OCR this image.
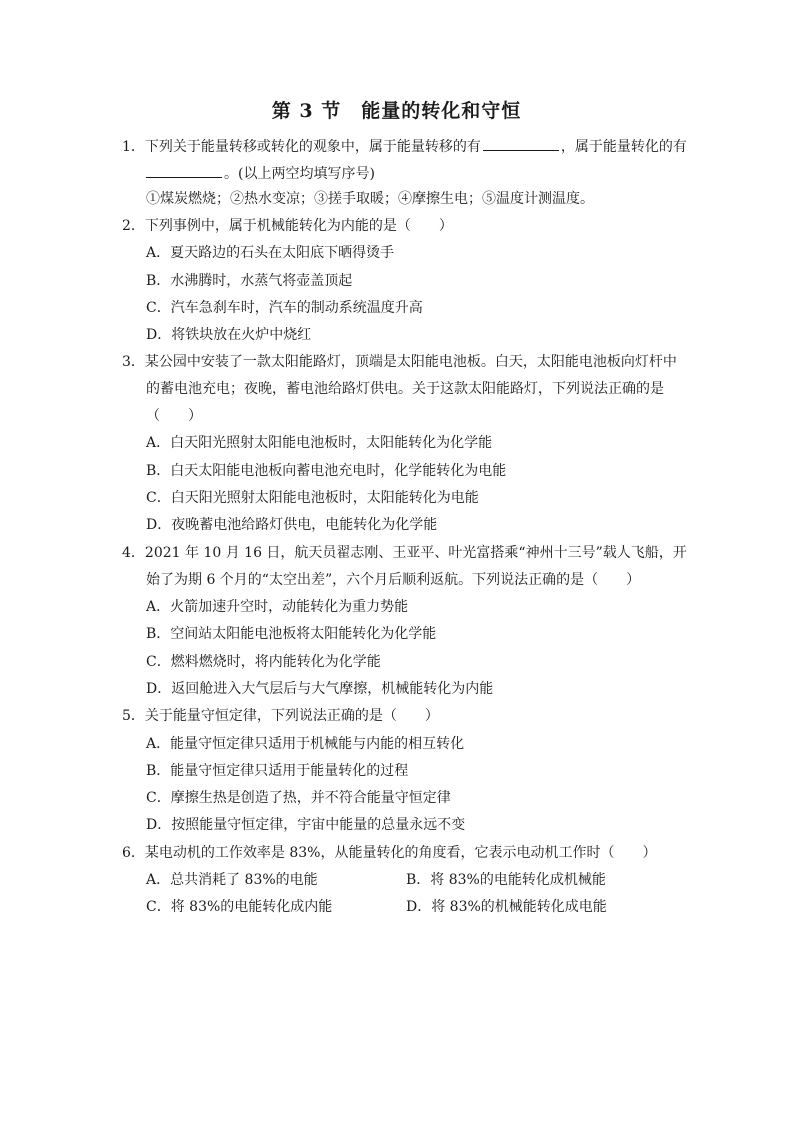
第 3 节　能量的转化和守恒
1．下列关于能量转移或转化的观象中，属于能量转移的有	，属于能量转化的有
。(以上两空均填写序号)
①煤炭燃烧；②热水变凉；③搓手取暖；④摩擦生电；⑤温度计测温度。
2．下列事例中，属于机械能转化为内能的是（　　）
A．夏天路边的石头在太阳底下晒得烫手
B．水沸腾时，水蒸气将壶盖顶起
C．汽车急刹车时，汽车的制动系统温度升高
D．将铁块放在火炉中烧红
3．某公园中安装了一款太阳能路灯，顶端是太阳能电池板。白天，太阳能电池板向灯杆中
的蓄电池充电；夜晚，蓄电池给路灯供电。关于这款太阳能路灯，下列说法正确的是
（　　）
A．白天阳光照射太阳能电池板时，太阳能转化为化学能
B．白天太阳能电池板向蓄电池充电时，化学能转化为电能
C．白天阳光照射太阳能电池板时，太阳能转化为电能
D．夜晚蓄电池给路灯供电，电能转化为化学能
4．2021 年 10 月 16 日，航天员翟志刚、王亚平、叶光富搭乘“神州十三号”载人飞船，开
始了为期 6 个月的“太空出差”，六个月后顺利返航。下列说法正确的是（　　）
A．火箭加速升空时，动能转化为重力势能
B．空间站太阳能电池板将太阳能转化为化学能
C．燃料燃烧时，将内能转化为化学能
D．返回舱进入大气层后与大气摩擦，机械能转化为内能
5．关于能量守恒定律，下列说法正确的是（　　）
A．能量守恒定律只适用于机械能与内能的相互转化
B．能量守恒定律只适用于能量转化的过程
C．摩擦生热是创造了热，并不符合能量守恒定律
D．按照能量守恒定律，宇宙中能量的总量永远不变
6．某电动机的工作效率是 83%，从能量转化的角度看，它表示电动机工作时（　　）
A．总共消耗了 83%的电能	B．将 83%的电能转化成机械能
C．将 83%的电能转化成内能	D．将 83%的机械能转化成电能
